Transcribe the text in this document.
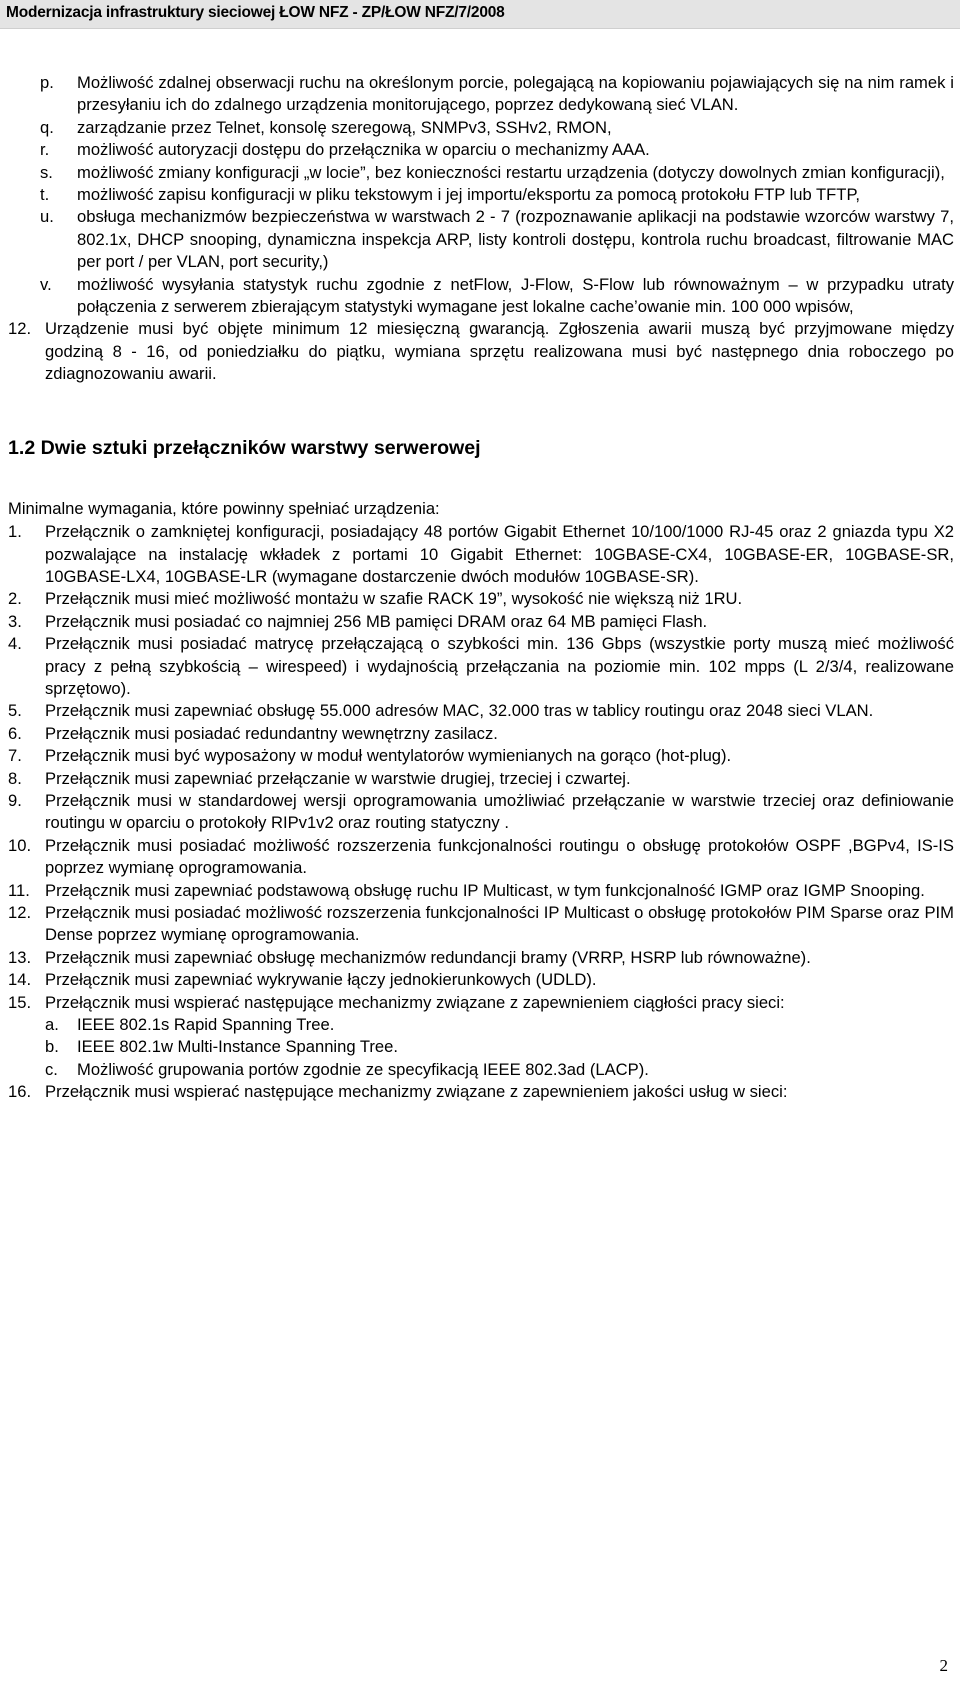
Modernizacja infrastruktury sieciowej ŁOW NFZ - ZP/ŁOW NFZ/7/2008
p. Możliwość zdalnej obserwacji ruchu na określonym porcie, polegającą na kopiowaniu pojawiających się na nim ramek i przesyłaniu ich do zdalnego urządzenia monitorującego, poprzez dedykowaną sieć VLAN.
q. zarządzanie przez Telnet, konsolę szeregową, SNMPv3, SSHv2, RMON,
r. możliwość autoryzacji dostępu do przełącznika w oparciu o mechanizmy AAA.
s. możliwość zmiany konfiguracji „w locie”, bez konieczności restartu urządzenia (dotyczy dowolnych zmian konfiguracji),
t. możliwość zapisu konfiguracji w pliku tekstowym i jej importu/eksportu za pomocą protokołu FTP lub TFTP,
u. obsługa mechanizmów bezpieczeństwa w warstwach 2 - 7 (rozpoznawanie aplikacji na podstawie wzorców warstwy 7, 802.1x, DHCP snooping, dynamiczna inspekcja ARP, listy kontroli dostępu, kontrola ruchu broadcast, filtrowanie MAC per port / per VLAN, port security,)
v. możliwość wysyłania statystyk ruchu zgodnie z netFlow, J-Flow, S-Flow lub równoważnym – w przypadku utraty połączenia z serwerem zbierającym statystyki wymagane jest lokalne cache’owanie min. 100 000 wpisów,
12. Urządzenie musi być objęte minimum 12 miesięczną gwarancją. Zgłoszenia awarii muszą być przyjmowane między godziną 8 - 16, od poniedziałku do piątku, wymiana sprzętu realizowana musi być następnego dnia roboczego po zdiagnozowaniu awarii.
1.2 Dwie sztuki przełączników warstwy serwerowej
Minimalne wymagania, które powinny spełniać urządzenia:
1. Przełącznik o zamkniętej konfiguracji, posiadający 48 portów Gigabit Ethernet 10/100/1000 RJ-45 oraz 2 gniazda typu X2 pozwalające na instalację wkładek z portami 10 Gigabit Ethernet: 10GBASE-CX4, 10GBASE-ER, 10GBASE-SR, 10GBASE-LX4, 10GBASE-LR (wymagane dostarczenie dwóch modułów 10GBASE-SR).
2. Przełącznik musi mieć możliwość montażu w szafie RACK 19”, wysokość nie większą niż 1RU.
3. Przełącznik musi posiadać co najmniej 256 MB pamięci DRAM oraz 64 MB pamięci Flash.
4. Przełącznik musi posiadać matrycę przełączającą o szybkości min. 136 Gbps (wszystkie porty muszą mieć możliwość pracy z pełną szybkością – wirespeed) i wydajnością przełączania na poziomie min. 102 mpps (L 2/3/4, realizowane sprzętowo).
5. Przełącznik musi zapewniać obsługę 55.000 adresów MAC, 32.000 tras w tablicy routingu oraz 2048 sieci VLAN.
6. Przełącznik musi posiadać redundantny wewnętrzny zasilacz.
7. Przełącznik musi być wyposażony w moduł wentylatorów wymienianych na gorąco (hot-plug).
8. Przełącznik musi zapewniać przełączanie w warstwie drugiej, trzeciej i czwartej.
9. Przełącznik musi w standardowej wersji oprogramowania umożliwiać przełączanie w warstwie trzeciej oraz definiowanie routingu w oparciu o protokoły RIPv1v2 oraz routing statyczny .
10. Przełącznik musi posiadać możliwość rozszerzenia funkcjonalności routingu o obsługę protokołów OSPF ,BGPv4, IS-IS poprzez wymianę oprogramowania.
11. Przełącznik musi zapewniać podstawową obsługę ruchu IP Multicast, w tym funkcjonalność IGMP oraz IGMP Snooping.
12. Przełącznik musi posiadać możliwość rozszerzenia funkcjonalności IP Multicast o obsługę protokołów PIM Sparse oraz PIM Dense poprzez wymianę oprogramowania.
13. Przełącznik musi zapewniać obsługę mechanizmów redundancji bramy (VRRP, HSRP lub równoważne).
14. Przełącznik musi zapewniać wykrywanie łączy jednokierunkowych (UDLD).
15. Przełącznik musi wspierać następujące mechanizmy związane z zapewnieniem ciągłości pracy sieci:
a. IEEE 802.1s Rapid Spanning Tree.
b. IEEE 802.1w Multi-Instance Spanning Tree.
c. Możliwość grupowania portów zgodnie ze specyfikacją IEEE 802.3ad (LACP).
16. Przełącznik musi wspierać następujące mechanizmy związane z zapewnieniem jakości usług w sieci:
2
